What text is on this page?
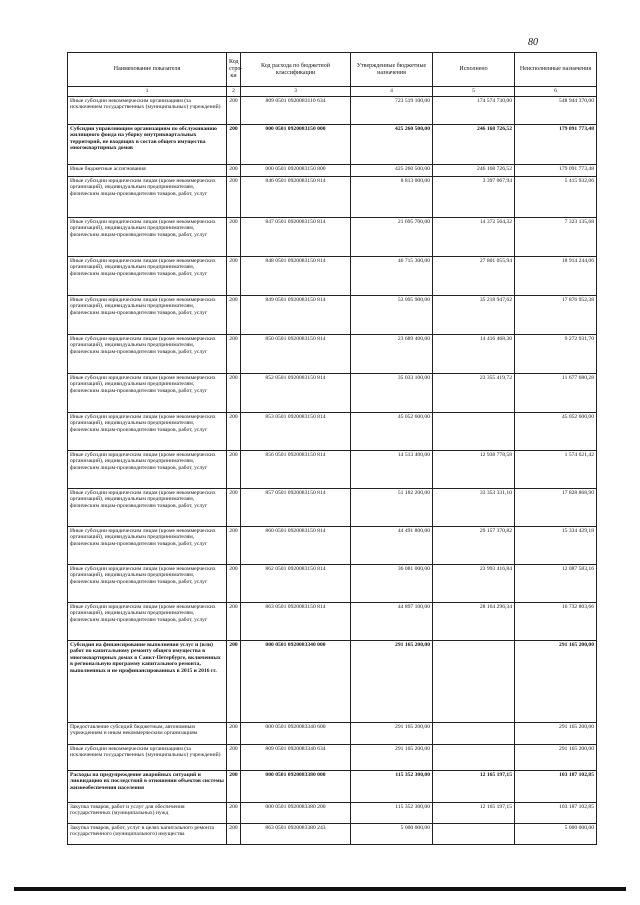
80
Наименование показателя	Код стро-ки	Код расхода по бюджетной классификации	Утвержденные бюджетные назначения	Исполнено	Неисполненные назначения
1	2	3	4	5	6
Иные субсидии некоммерческим организациям (за исключением государственных (муниципальных) учреждений)	200	809 0501 0920083110 634	723 519 100,00	174 574 730,00	548 944 370,00
Субсидии управляющим организациям по обслуживанию жилищного фонда на уборку внутриквартальных территорий, не входящих в состав общего имущества многоквартирных домов	200	000 0501 0920083150 000	425 260 500,00	246 168 726,52	179 091 773,48
Иные бюджетные ассигнования	200	000 0501 0920083150 800	425 260 500,00	246 168 726,52	179 091 773,48
Иные субсидии юридическим лицам (кроме некоммерческих организаций), индивидуальным предпринимателям, физическим лицам-производителям товаров, работ, услуг	200	846 0501 0920083150 814	8 813 000,00	3 397 067,94	5 415 932,06
Иные субсидии юридическим лицам (кроме некоммерческих организаций), индивидуальным предпринимателям, физическим лицам-производителям товаров, работ, услуг	200	847 0501 0920083150 814	21 695 700,00	14 372 564,32	7 323 135,68
Иные субсидии юридическим лицам (кроме некоммерческих организаций), индивидуальным предпринимателям, физическим лицам-производителям товаров, работ, услуг	200	848 0501 0920083150 814	46 715 300,00	27 801 055,94	18 914 244,06
Иные субсидии юридическим лицам (кроме некоммерческих организаций), индивидуальным предпринимателям, физическим лицам-производителям товаров, работ, услуг	200	849 0501 0920083150 814	53 095 900,00	35 218 947,62	17 876 952,38
Иные субсидии юридическим лицам (кроме некоммерческих организаций), индивидуальным предпринимателям, физическим лицам-производителям товаров, работ, услуг	200	850 0501 0920083150 814	23 689 400,00	14 416 468,30	9 272 931,70
Иные субсидии юридическим лицам (кроме некоммерческих организаций), индивидуальным предпринимателям, физическим лицам-производителям товаров, работ, услуг	200	852 0501 0920083150 814	35 033 100,00	23 355 419,72	11 677 680,28
Иные субсидии юридическим лицам (кроме некоммерческих организаций), индивидуальным предпринимателям, физическим лицам-производителям товаров, работ, услуг	200	853 0501 0920083150 814	45 052 600,00		45 052 600,00
Иные субсидии юридическим лицам (кроме некоммерческих организаций), индивидуальным предпринимателям, физическим лицам-производителям товаров, работ, услуг	200	856 0501 0920083150 814	14 513 400,00	12 938 778,58	1 574 621,42
Иные субсидии юридическим лицам (кроме некоммерческих организаций), индивидуальным предпринимателям, физическим лицам-производителям товаров, работ, услуг	200	857 0501 0920083150 814	51 182 200,00	33 353 331,10	17 828 868,90
Иные субсидии юридическим лицам (кроме некоммерческих организаций), индивидуальным предпринимателям, физическим лицам-производителям товаров, работ, услуг	200	860 0501 0920083150 814	44 491 800,00	29 157 370,82	15 334 429,18
Иные субсидии юридическим лицам (кроме некоммерческих организаций), индивидуальным предпринимателям, физическим лицам-производителям товаров, работ, услуг	200	862 0501 0920083150 814	36 081 000,00	23 993 416,84	12 087 583,16
Иные субсидии юридическим лицам (кроме некоммерческих организаций), индивидуальным предпринимателям, физическим лицам-производителям товаров, работ, услуг	200	863 0501 0920083150 814	44 897 100,00	28 164 296,34	16 732 803,66
Субсидия на финансирование выполнения услуг и (или) работ по капитальному ремонту общего имущества в многоквартирных домах в Санкт-Петербурге, включенных в региональную программу капитального ремонта, выполненных и не профинансированных в 2015 и 2016 гг.	200	000 0501 0920083340 000	291 165 200,00		291 165 200,00
Предоставление субсидий бюджетным, автономным учреждениям и иным некоммерческим организациям	200	000 0501 0920083340 600	291 165 200,00		291 165 200,00
Иные субсидии некоммерческим организациям (за исключением государственных (муниципальных) учреждений)	200	809 0501 0920083340 634	291 165 200,00		291 165 200,00
Расходы на предупреждение аварийных ситуаций и ликвидацию их последствий в отношении объектов системы жизнеобеспечения населения	200	000 0501 0920083380 000	115 352 300,00	12 165 197,15	103 187 102,85
Закупка товаров, работ и услуг для обеспечения государственных (муниципальных) нужд	200	000 0501 0920083380 200	115 352 300,00	12 165 197,15	103 187 102,85
Закупка товаров, работ, услуг в целях капитального ремонта государственного (муниципального) имущества	200	863 0501 0920083380 243	5 000 000,00		5 000 000,00
